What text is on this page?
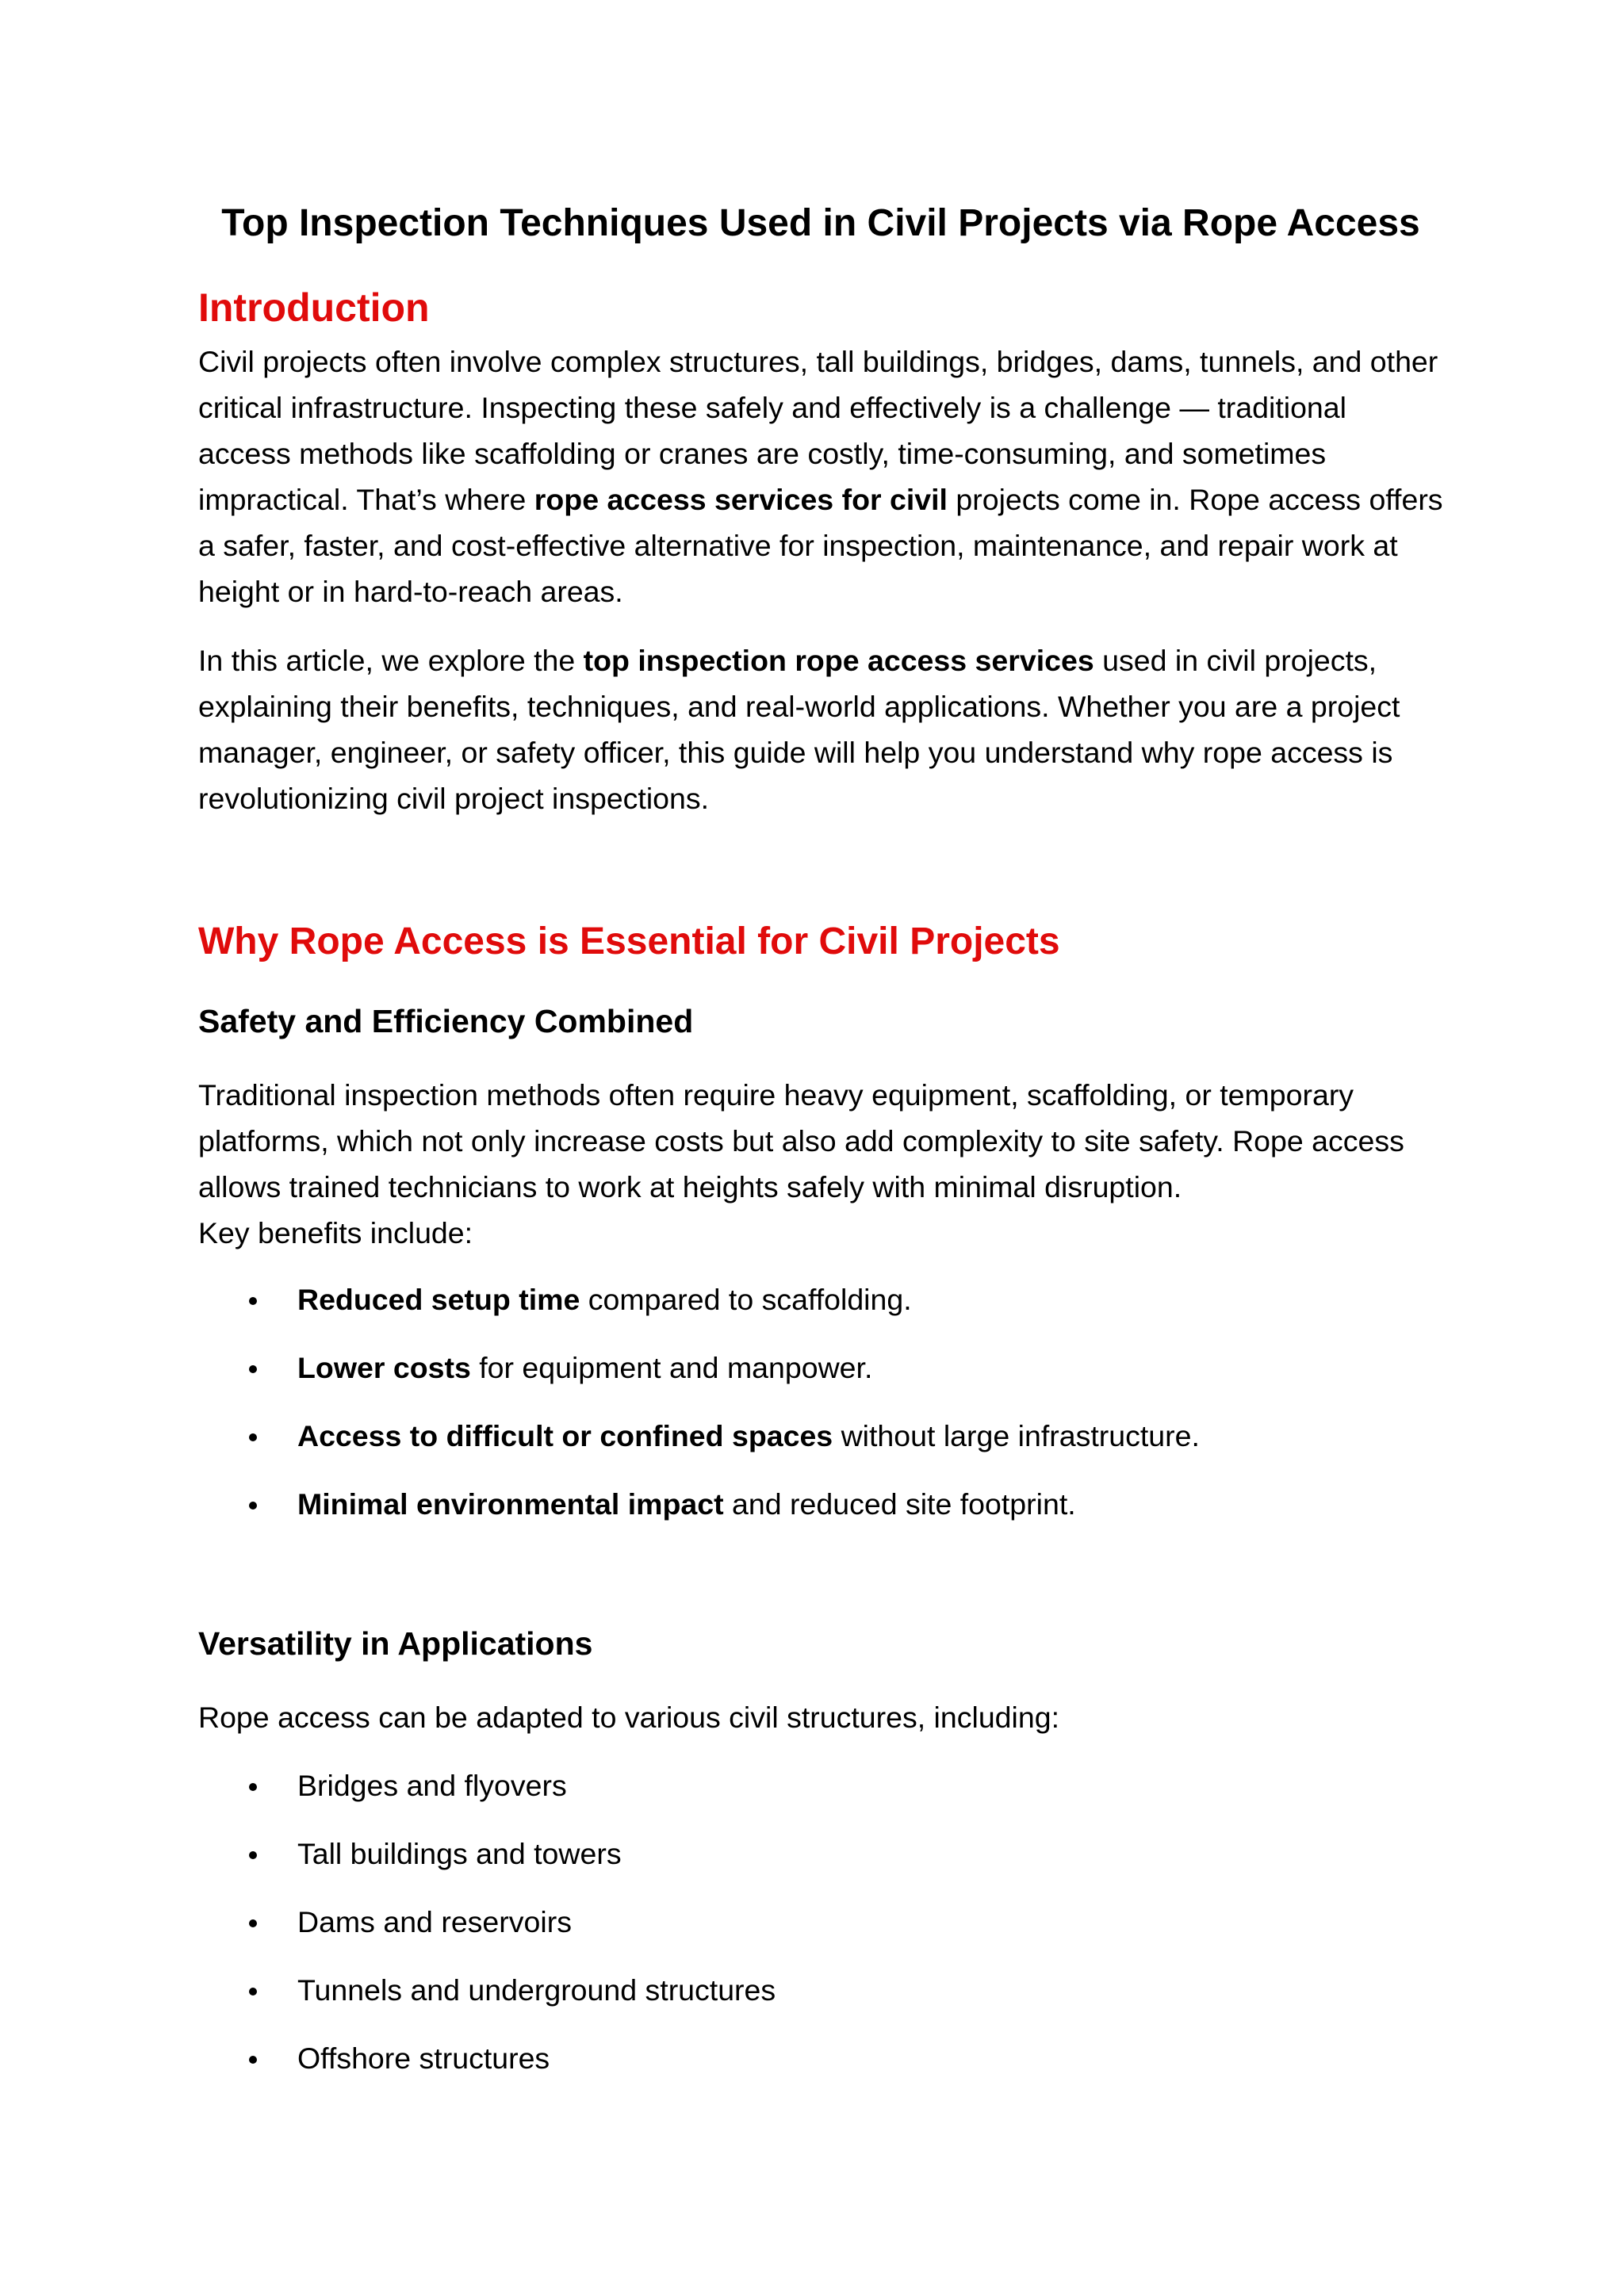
Top Inspection Techniques Used in Civil Projects via Rope Access
Introduction

Civil projects often involve complex structures, tall buildings, bridges, dams, tunnels, and other critical infrastructure. Inspecting these safely and effectively is a challenge — traditional access methods like scaffolding or cranes are costly, time-consuming, and sometimes impractical. That’s where rope access services for civil projects come in. Rope access offers a safer, faster, and cost-effective alternative for inspection, maintenance, and repair work at height or in hard-to-reach areas.

In this article, we explore the top inspection rope access services used in civil projects, explaining their benefits, techniques, and real-world applications. Whether you are a project manager, engineer, or safety officer, this guide will help you understand why rope access is revolutionizing civil project inspections.

Why Rope Access is Essential for Civil Projects
Safety and Efficiency Combined

Traditional inspection methods often require heavy equipment, scaffolding, or temporary platforms, which not only increase costs but also add complexity to site safety. Rope access allows trained technicians to work at heights safely with minimal disruption.
Key benefits include:

Reduced setup time compared to scaffolding.
Lower costs for equipment and manpower.
Access to difficult or confined spaces without large infrastructure.
Minimal environmental impact and reduced site footprint.
Versatility in Applications

Rope access can be adapted to various civil structures, including:

Bridges and flyovers
Tall buildings and towers
Dams and reservoirs
Tunnels and underground structures
Offshore structures
